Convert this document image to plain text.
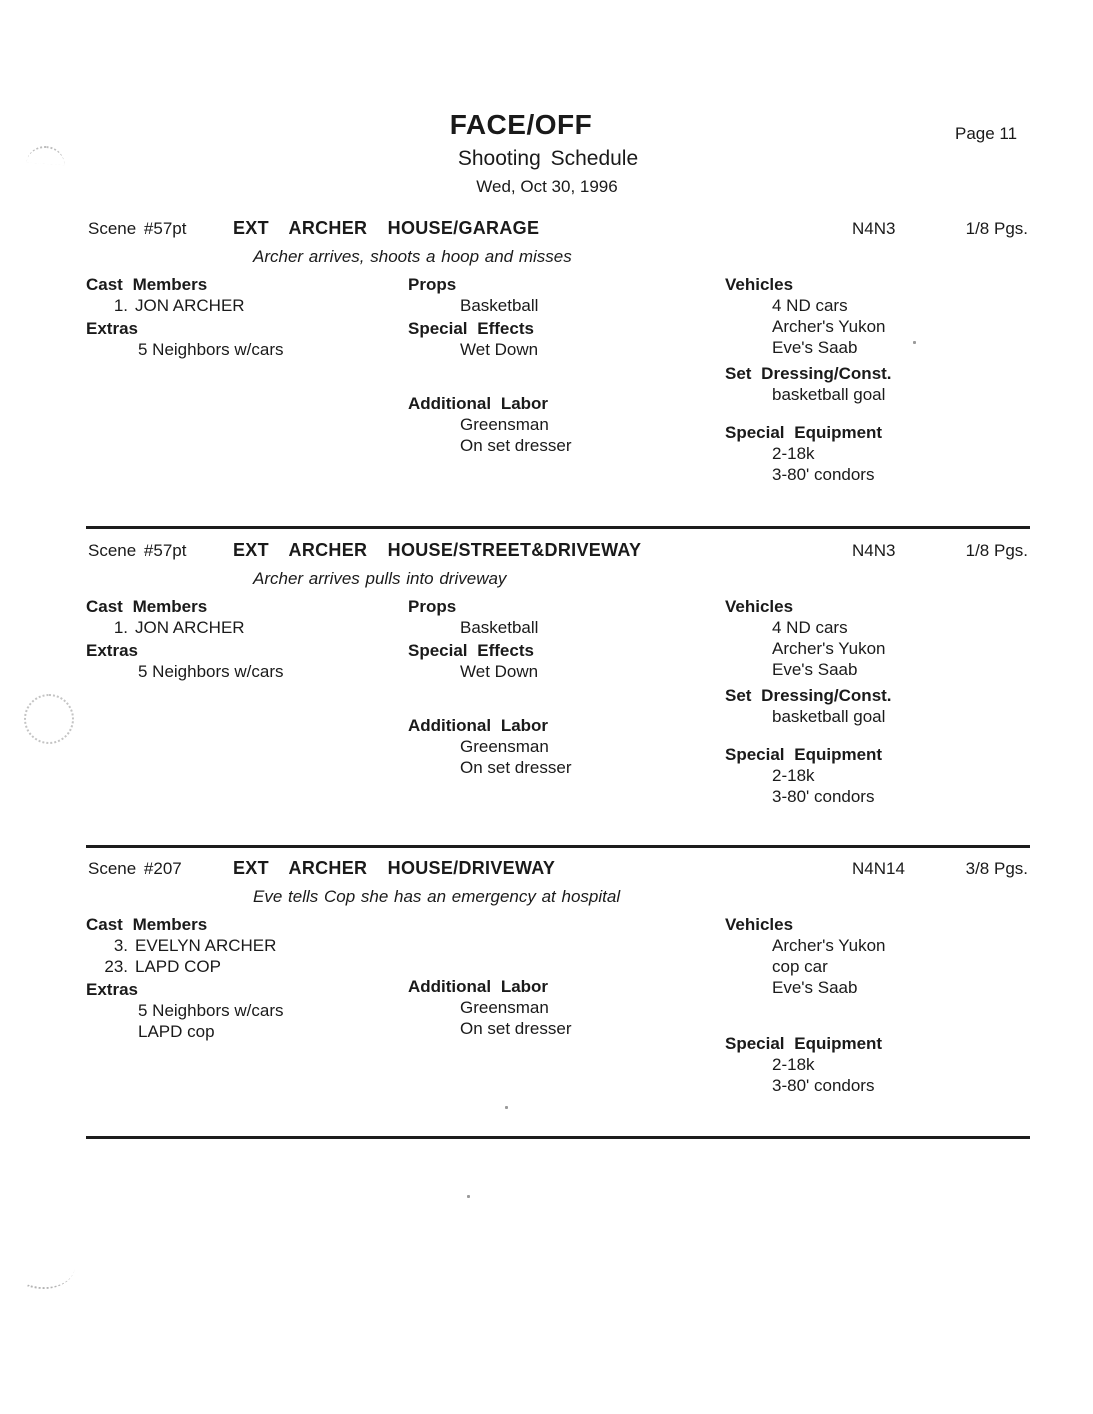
FACE/OFF
Shooting Schedule
Wed, Oct 30, 1996
Page 11
Scene #57pt	EXT ARCHER HOUSE/GARAGE	N4N3	1/8 Pgs.
Archer arrives, shoots a hoop and misses
Cast Members
1. JON ARCHER
Extras
5 Neighbors w/cars
Props
Basketball
Special Effects
Wet Down
Additional Labor
Greensman
On set dresser
Vehicles
4 ND cars
Archer's Yukon
Eve's Saab
Set Dressing/Const.
basketball goal
Special Equipment
2-18k
3-80' condors
Scene #57pt	EXT ARCHER HOUSE/STREET&DRIVEWAY	N4N3	1/8 Pgs.
Archer arrives pulls into driveway
Cast Members
1. JON ARCHER
Extras
5 Neighbors w/cars
Props
Basketball
Special Effects
Wet Down
Additional Labor
Greensman
On set dresser
Vehicles
4 ND cars
Archer's Yukon
Eve's Saab
Set Dressing/Const.
basketball goal
Special Equipment
2-18k
3-80' condors
Scene #207	EXT ARCHER HOUSE/DRIVEWAY	N4N14	3/8 Pgs.
Eve tells Cop she has an emergency at hospital
Cast Members
3. EVELYN ARCHER
23. LAPD COP
Extras
5 Neighbors w/cars
LAPD cop
Additional Labor
Greensman
On set dresser
Vehicles
Archer's Yukon
cop car
Eve's Saab
Special Equipment
2-18k
3-80' condors
